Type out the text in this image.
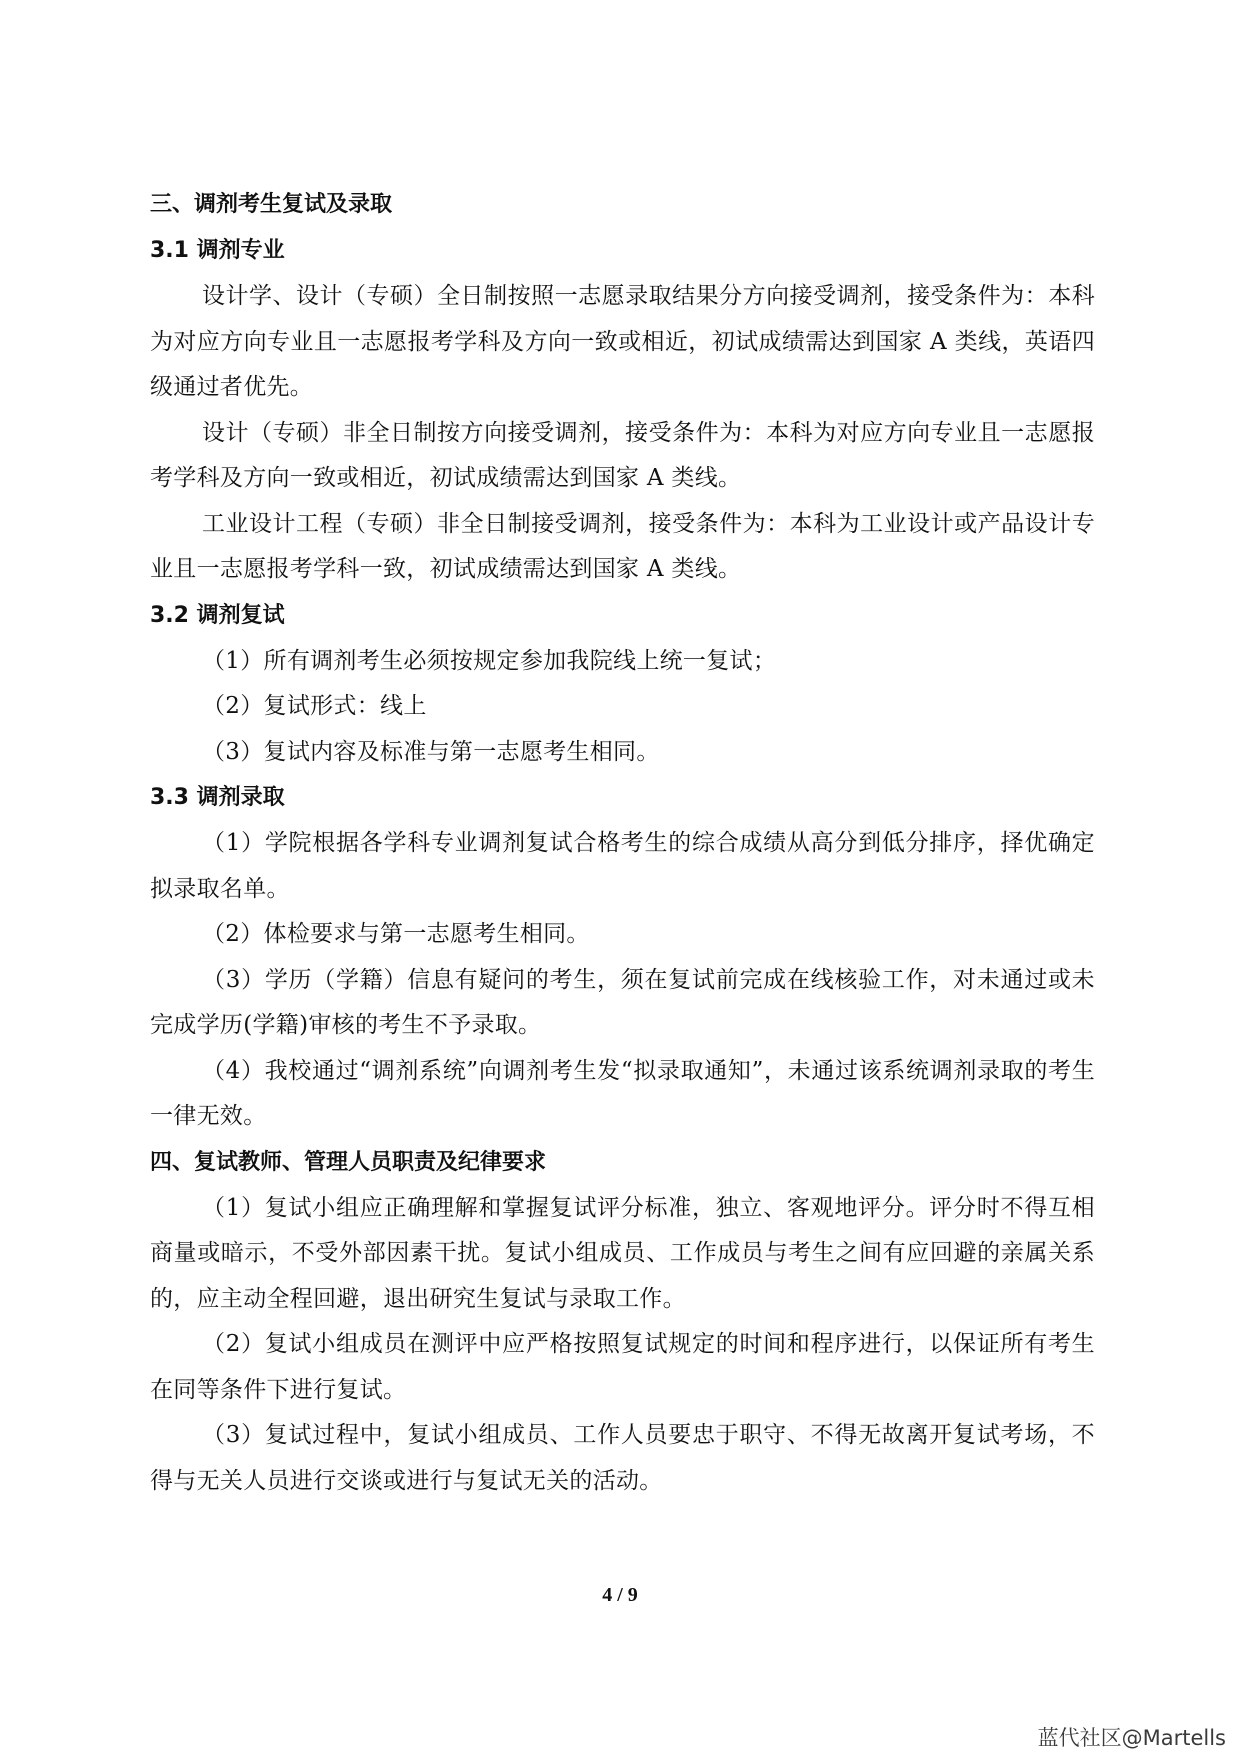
三、调剂考生复试及录取
3.1 调剂专业

设计学、设计（专硕）全日制按照一志愿录取结果分方向接受调剂，接受条件为：本科为对应方向专业且一志愿报考学科及方向一致或相近，初试成绩需达到国家 A 类线，英语四级通过者优先。

设计（专硕）非全日制按方向接受调剂，接受条件为：本科为对应方向专业且一志愿报考学科及方向一致或相近，初试成绩需达到国家 A 类线。

工业设计工程（专硕）非全日制接受调剂，接受条件为：本科为工业设计或产品设计专业且一志愿报考学科一致，初试成绩需达到国家 A 类线。

3.2 调剂复试

（1）所有调剂考生必须按规定参加我院线上统一复试；

（2）复试形式：线上

（3）复试内容及标准与第一志愿考生相同。

3.3 调剂录取

（1）学院根据各学科专业调剂复试合格考生的综合成绩从高分到低分排序，择优确定拟录取名单。

（2）体检要求与第一志愿考生相同。

（3）学历（学籍）信息有疑问的考生，须在复试前完成在线核验工作，对未通过或未完成学历(学籍)审核的考生不予录取。

（4）我校通过“调剂系统”向调剂考生发“拟录取通知”，未通过该系统调剂录取的考生一律无效。

四、复试教师、管理人员职责及纪律要求

（1）复试小组应正确理解和掌握复试评分标准，独立、客观地评分。评分时不得互相商量或暗示，不受外部因素干扰。复试小组成员、工作成员与考生之间有应回避的亲属关系的，应主动全程回避，退出研究生复试与录取工作。

（2）复试小组成员在测评中应严格按照复试规定的时间和程序进行，以保证所有考生在同等条件下进行复试。

（3）复试过程中，复试小组成员、工作人员要忠于职守、不得无故离开复试考场，不得与无关人员进行交谈或进行与复试无关的活动。

4 / 9
蓝代社区@Martells
